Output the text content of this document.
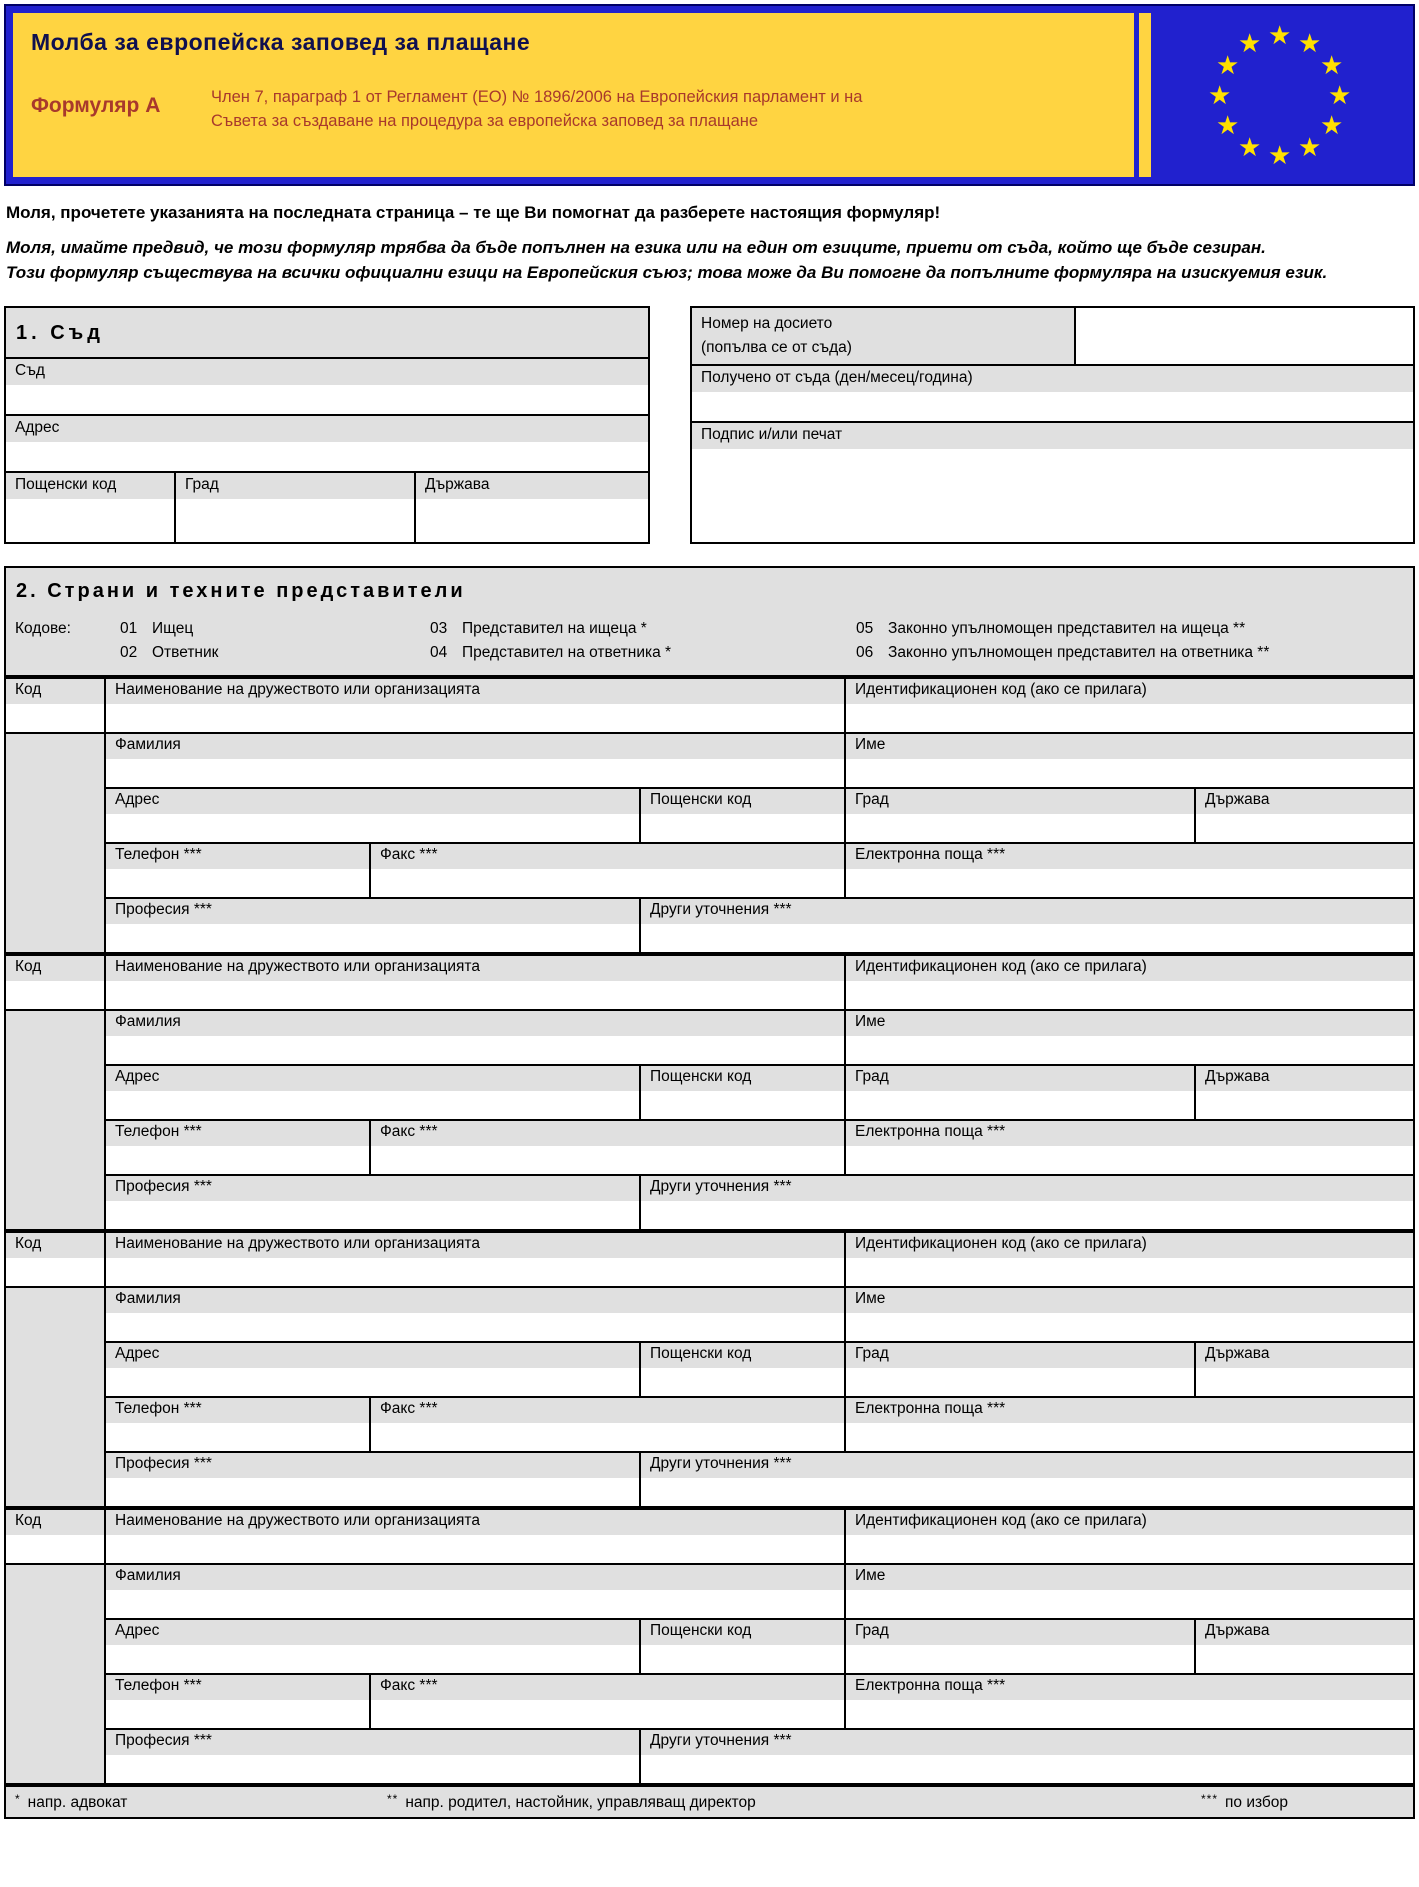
Молба за европейска заповед за плащане
Формуляр А	Член 7, параграф 1 от Регламент (ЕО) № 1896/2006 на Европейския парламент и на Съвета за създаване на процедура за европейска заповед за плащане
★ ★
★
★
★
★
★
★
★
★
★
★

Моля, прочетете указанията на последната страница – те ще Ви помогнат да разберете настоящия формуляр!

Моля, имайте предвид, че този формуляр трябва да бъде попълнен на езика или на един от езиците, приети от съда, който ще бъде сезиран.

Този формуляр съществува на всички официални езици на Европейския съюз; това може да Ви помогне да попълните формуляра на изискуемия език.

1. Съд
Съд
Адрес
Пощенски код	Град	Държава
Номер на досието
(попълва се от съда)
Получено от съда (ден/месец/година)
Подпис и/или печат
2. Страни и техните представители
Кодове:	01 Ищец
02 Ответник
03 Представител на ищеца *
04 Представител на ответника *
05 Законно упълномощен представител на ищеца **
06 Законно упълномощен представител на ответника **
Код	Наименование на дружеството или организацията	Идентификационен код (ако се прилага)
Фамилия	Име
Адрес	Пощенски код	Град	Държава
Телефон ***	Факс ***	Електронна поща ***
Професия ***	Други уточнения ***
Код	Наименование на дружеството или организацията	Идентификационен код (ако се прилага)
Фамилия	Име
Адрес	Пощенски код	Град	Държава
Телефон ***	Факс ***	Електронна поща ***
Професия ***	Други уточнения ***
Код	Наименование на дружеството или организацията	Идентификационен код (ако се прилага)
Фамилия	Име
Адрес	Пощенски код	Град	Държава
Телефон ***	Факс ***	Електронна поща ***
Професия ***	Други уточнения ***
Код	Наименование на дружеството или организацията	Идентификационен код (ако се прилага)
Фамилия	Име
Адрес	Пощенски код	Град	Държава
Телефон ***	Факс ***	Електронна поща ***
Професия ***	Други уточнения ***
* напр. адвокат	** напр. родител, настойник, управляващ директор	*** по избор
